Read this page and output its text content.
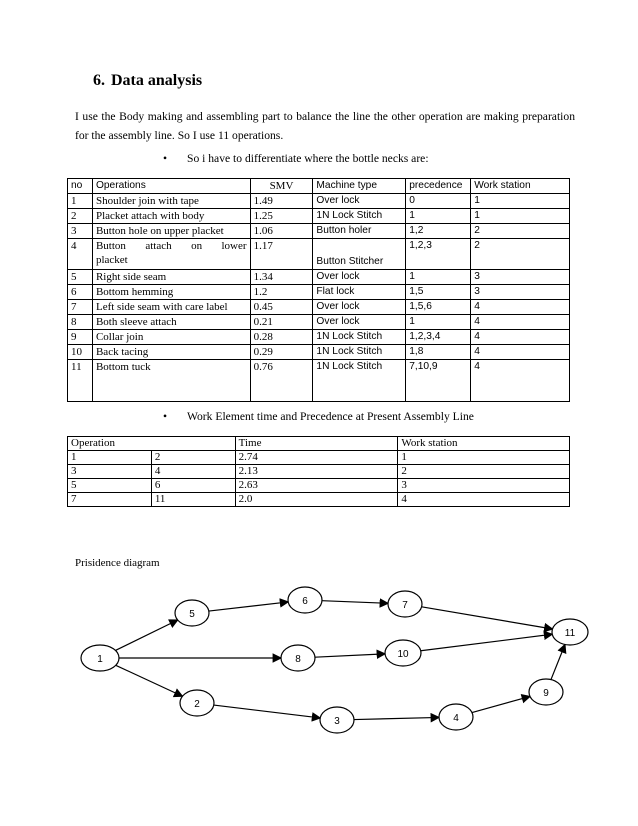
6. Data analysis
I use the Body making and assembling part to balance the line the other operation are making preparation for the assembly line. So I use 11 operations.
• So i have to differentiate where the bottle necks are:
no	Operations	SMV	Machine type	precedence	Work station
1	Shoulder join with tape	1.49	Over lock	0	1
2	Placket attach with body	1.25	1N Lock Stitch	1	1
3	Button hole on upper placket	1.06	Button holer	1,2	2
4	Button attach on lower
placket	1.17	Button Stitcher	1,2,3	2
5	Right side seam	1.34	Over lock	1	3
6	Bottom hemming	1.2	Flat lock	1,5	3
7	Left side seam with care label	0.45	Over lock	1,5,6	4
8	Both sleeve attach	0.21	Over lock	1	4
9	Collar join	0.28	1N Lock Stitch	1,2,3,4	4
10	Back tacing	0.29	1N Lock Stitch	1,8	4
11	Bottom tuck	0.76	1N Lock Stitch	7,10,9	4
• Work Element time and Precedence at Present Assembly Line
Operation		Time	Work station
1	2	2.74	1
3	4	2.13	2
5	6	2.63	3
7	11	2.0	4
Prisidence diagram
1
5
6	7
11
8	10
2
3	4
9
